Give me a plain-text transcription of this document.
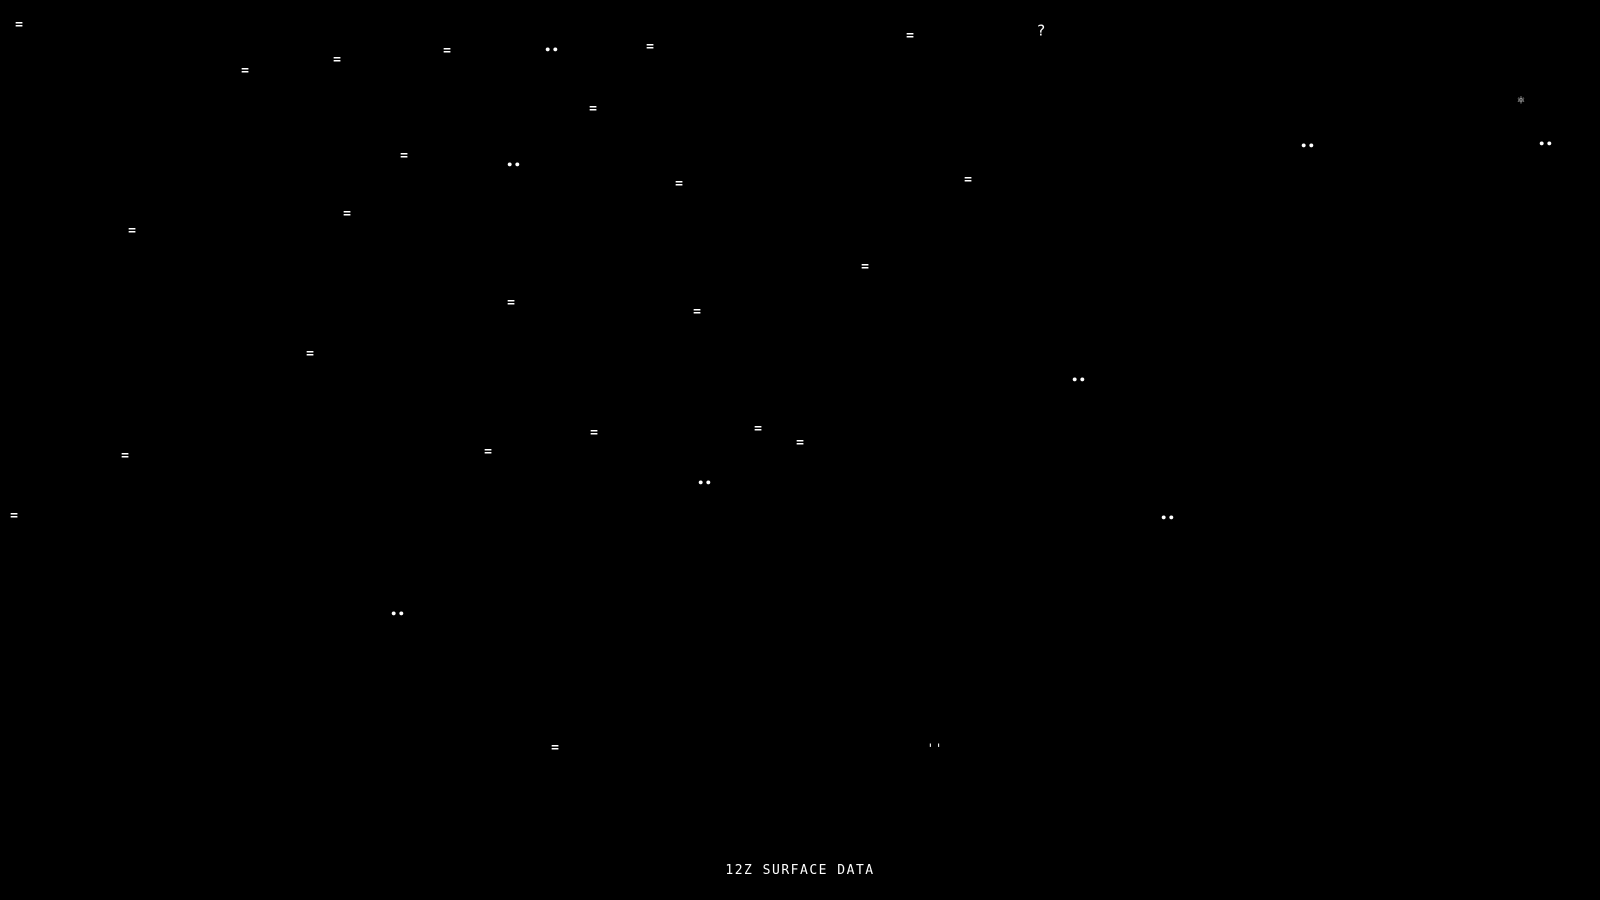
=
=
=
=	••	=
=	?
=
⚛
=
••
••	••
=	=
=
=
=
=
=
=
••
=	=
=
=
=
••
=	••
••
=	''
12Z SURFACE DATA
